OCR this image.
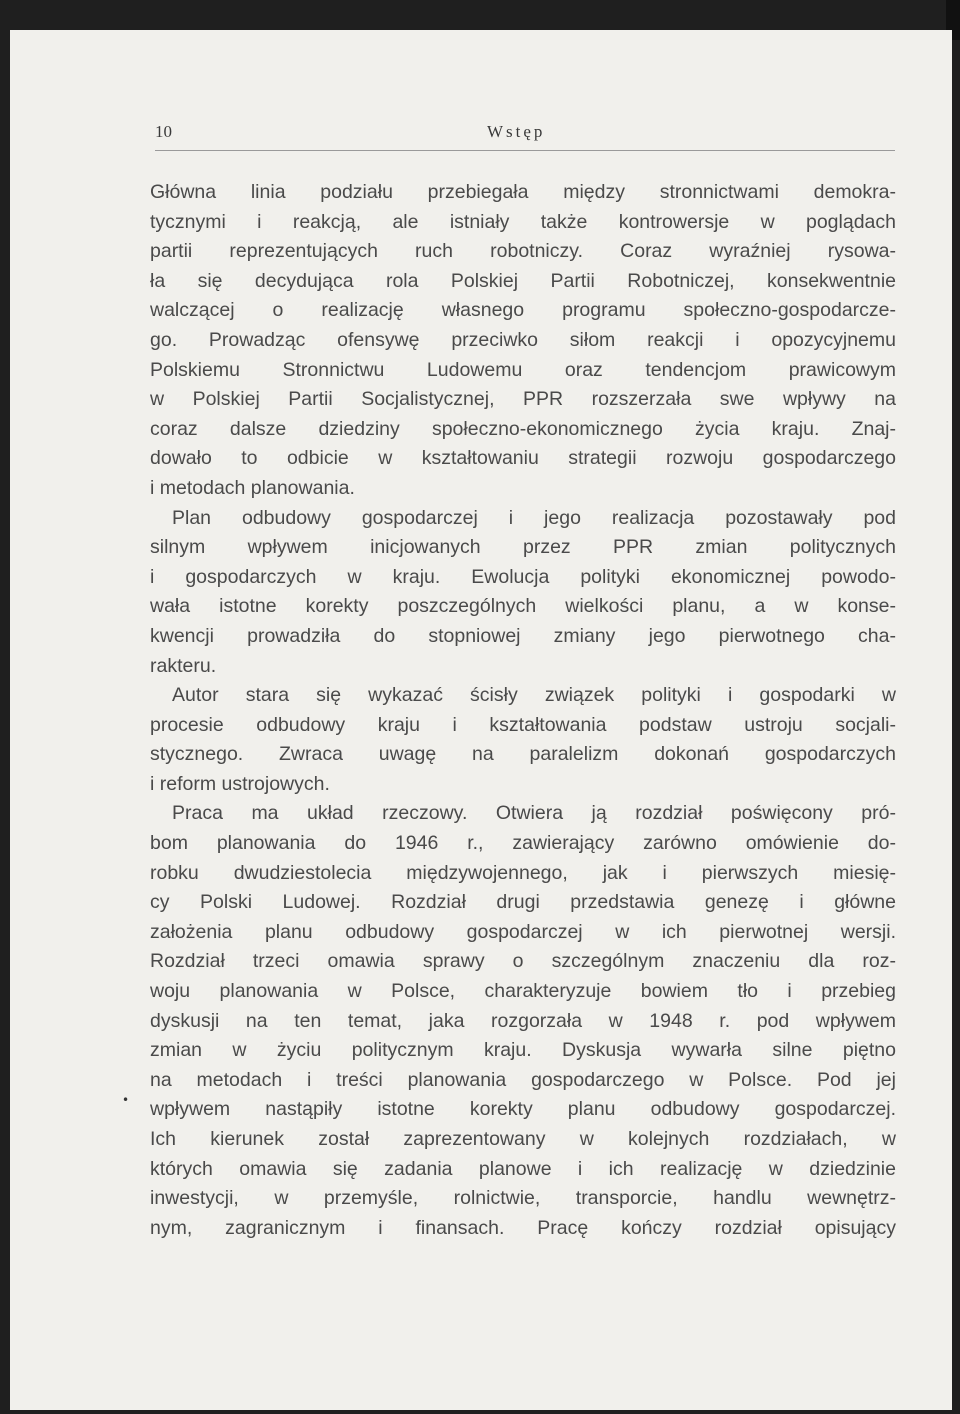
10	Wstęp
•
Główna linia podziału przebiegała między stronnictwami demokra-
tycznymi i reakcją, ale istniały także kontrowersje w poglądach
partii reprezentujących ruch robotniczy. Coraz wyraźniej rysowa-
ła się decydująca rola Polskiej Partii Robotniczej, konsekwentnie
walczącej o realizację własnego programu społeczno-gospodarcze-
go. Prowadząc ofensywę przeciwko siłom reakcji i opozycyjnemu
Polskiemu Stronnictwu Ludowemu oraz tendencjom prawicowym
w Polskiej Partii Socjalistycznej, PPR rozszerzała swe wpływy na
coraz dalsze dziedziny społeczno-ekonomicznego życia kraju. Znaj-
dowało to odbicie w kształtowaniu strategii rozwoju gospodarczego
i metodach planowania.
Plan odbudowy gospodarczej i jego realizacja pozostawały pod
silnym wpływem inicjowanych przez PPR zmian politycznych
i gospodarczych w kraju. Ewolucja polityki ekonomicznej powodo-
wała istotne korekty poszczególnych wielkości planu, a w konse-
kwencji prowadziła do stopniowej zmiany jego pierwotnego cha-
rakteru.
Autor stara się wykazać ścisły związek polityki i gospodarki w
procesie odbudowy kraju i kształtowania podstaw ustroju socjali-
stycznego. Zwraca uwagę na paralelizm dokonań gospodarczych
i reform ustrojowych.
Praca ma układ rzeczowy. Otwiera ją rozdział poświęcony pró-
bom planowania do 1946 r., zawierający zarówno omówienie do-
robku dwudziestolecia międzywojennego, jak i pierwszych miesię-
cy Polski Ludowej. Rozdział drugi przedstawia genezę i główne
założenia planu odbudowy gospodarczej w ich pierwotnej wersji.
Rozdział trzeci omawia sprawy o szczególnym znaczeniu dla roz-
woju planowania w Polsce, charakteryzuje bowiem tło i przebieg
dyskusji na ten temat, jaka rozgorzała w 1948 r. pod wpływem
zmian w życiu politycznym kraju. Dyskusja wywarła silne piętno
na metodach i treści planowania gospodarczego w Polsce. Pod jej
wpływem nastąpiły istotne korekty planu odbudowy gospodarczej.
Ich kierunek został zaprezentowany w kolejnych rozdziałach, w
których omawia się zadania planowe i ich realizację w dziedzinie
inwestycji, w przemyśle, rolnictwie, transporcie, handlu wewnętrz-
nym, zagranicznym i finansach. Pracę kończy rozdział opisujący
